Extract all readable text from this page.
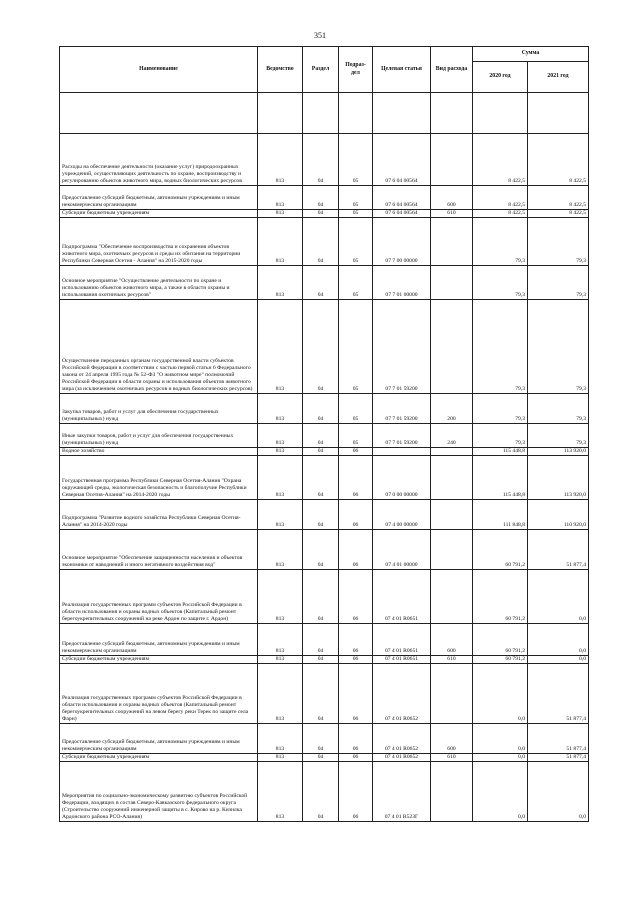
351
Наименование	Ведомство	Раздел	Подраз-дел	Целевая статья	Вид расхода	Сумма	
						2020 год	2021 год

Расходы на обеспечение деятельности (оказание услуг) природоохранных учреждений, осуществляющих деятельность по охране, воспроизводству и регулированию объектов животного мира, водных биологических ресурсов	813	04	05	07 6 04 00564		8 422,5	8 422,5
Предоставление субсидий бюджетным, автономным учреждениям и иным некоммерческим организациям	813	04	05	07 6 04 00564	600	8 422,5	8 422,5
Субсидии бюджетным учреждениям	813	04	05	07 6 04 00564	610	8 422,5	8 422,5
Подпрограмма "Обеспечение воспроизводства и сохранения объектов животного мира, охотничьих ресурсов и среды их обитания на территории Республики Северная Осетия - Алания" на 2015-2020 годы	813	04	05	07 7 00 00000		79,3	79,3
Основное мероприятие "Осуществление деятельности по охране и использованию объектов животного мира, а также в области охраны и использования охотничьих ресурсов"	813	04	05	07 7 01 00000		79,3	79,3
Осуществление переданных органам государственной власти субъектов Российской Федерации в соответствии с частью первой статьи 6 Федерального закона от 24 апреля 1995 года № 52-ФЗ "О животном мире" полномочий Российской Федерации в области охраны и использования объектов животного мира (за исключением охотничьих ресурсов и водных биологических ресурсов)	813	04	05	07 7 01 59200		79,3	79,3
Закупка товаров, работ и услуг для обеспечения государственных (муниципальных) нужд	813	04	05	07 7 01 59200	200	79,3	79,3
Иные закупки товаров, работ и услуг для обеспечения государственных (муниципальных) нужд	813	04	05	07 7 01 59200	240	79,3	79,3
Водное хозяйство	813	04	06			115 448,8	113 920,0
Государственная программа Республики Северная Осетия-Алания "Охрана окружающей среды, экологическая безопасность и благополучие Республики Северная Осетия-Алания" на 2014-2020 годы	813	04	06	07 0 00 00000		115 448,8	113 920,0
Подпрограмма "Развитие водного хозяйства Республики Северная Осетия-Алания" на 2014-2020 годы	813	04	06	07 4 00 00000		111 848,8	110 920,0
Основное мероприятие "Обеспечение защищенности населения и объектов экономики от наводнений и иного негативного воздействия вод"	813	04	06	07 4 01 00000		60 791,2	51 877,4
Реализация государственных программ субъектов Российской Федерации в области использования и охраны водных объектов (Капитальный ремонт берегоукрепительных сооружений на реке Ардон по защите г. Ардон)	813	04	06	07 4 01 R0651		60 791,2	0,0
Предоставление субсидий бюджетным, автономным учреждениям и иным некоммерческим организациям	813	04	06	07 4 01 R0651	600	60 791,2	0,0
Субсидии бюджетным учреждениям	813	04	06	07 4 01 R0651	610	60 791,2	0,0
Реализация государственных программ субъектов Российской Федерации в области использования и охраны водных объектов (Капитальный ремонт берегоукрепительных сооружений на левом берегу реки Терек по защите села Фарн)	813	04	06	07 4 01 R0652		0,0	51 877,4
Предоставление субсидий бюджетным, автономным учреждениям и иным некоммерческим организациям	813	04	06	07 4 01 R0652	600	0,0	51 877,4
Субсидии бюджетным учреждениям	813	04	06	07 4 01 R0652	610	0,0	51 877,4
Мероприятия по социально-экономическому развитию субъектов Российской Федерации, входящих в состав Северо-Кавказского федерального округа (Строительство сооружений инженерной защиты в с. Кирово на р. Кизилка Ардонского района РСО-Алания)	813	04	06	07 4 01 R523Г		0,0	0,0
